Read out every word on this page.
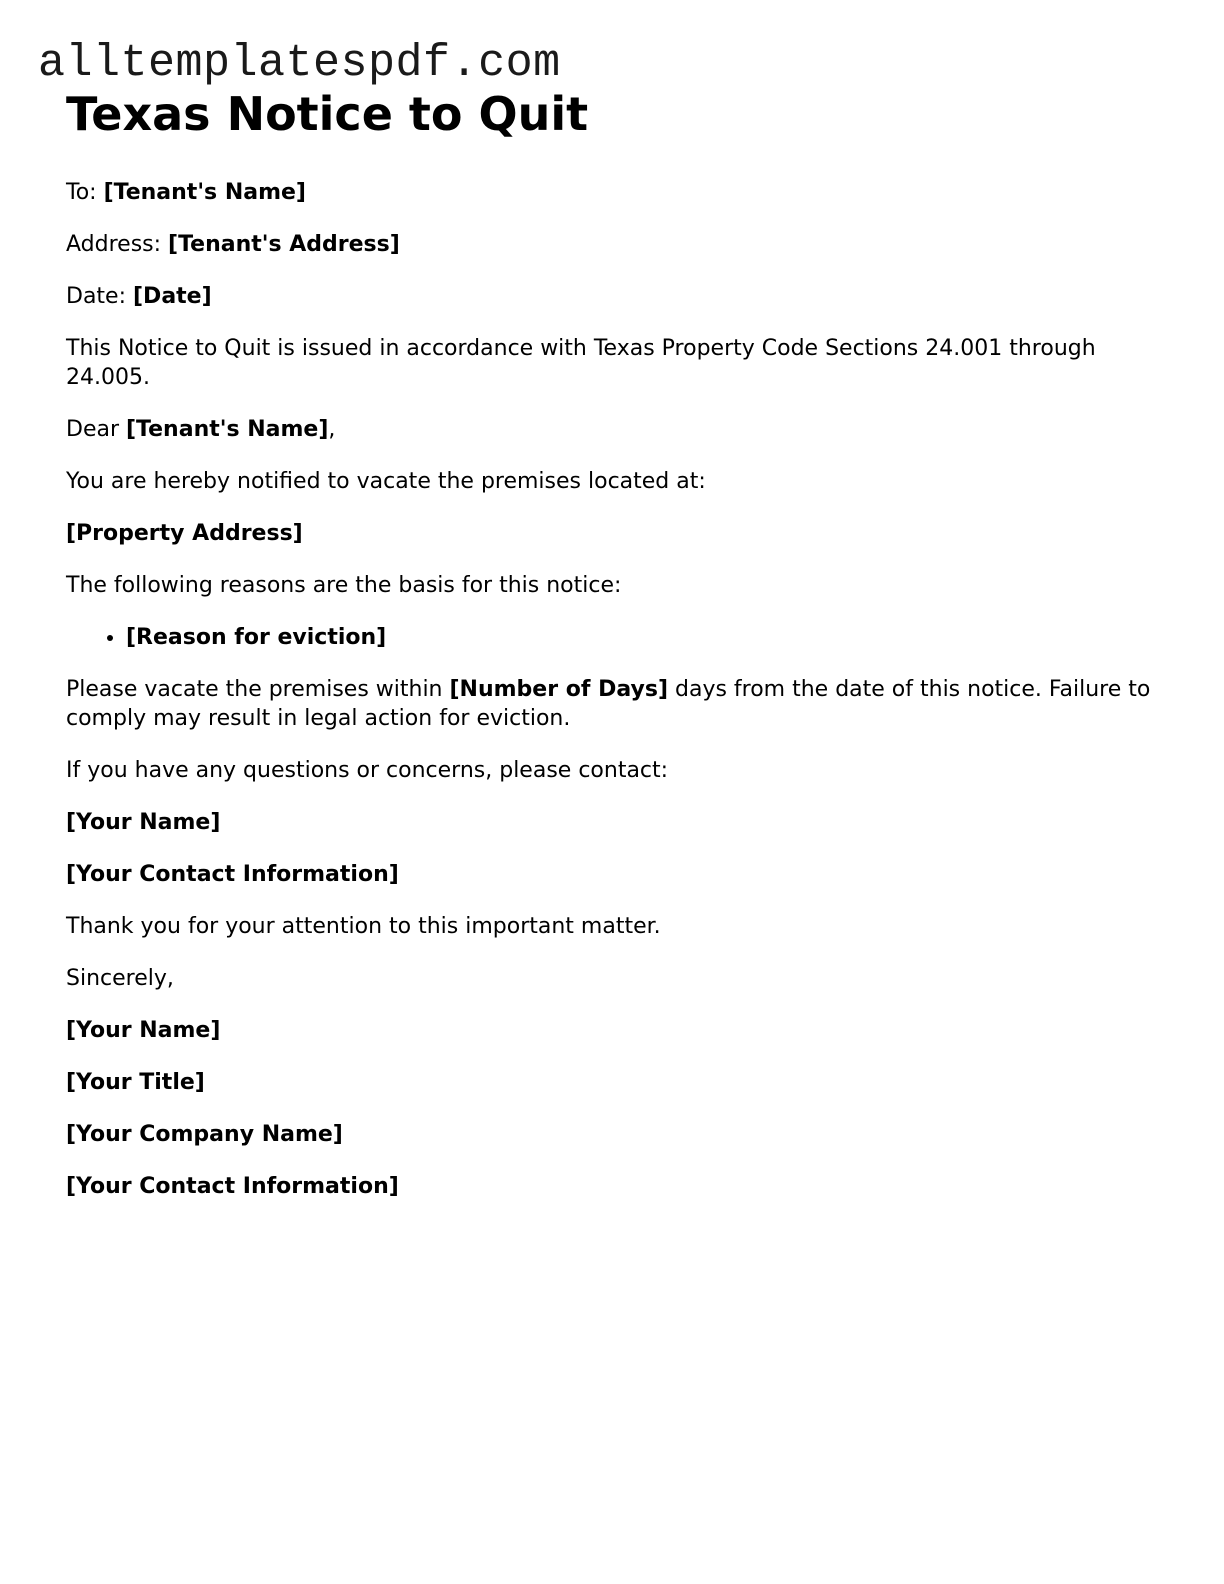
alltemplatespdf.com
Texas Notice to Quit

To: [Tenant's Name]

Address: [Tenant's Address]

Date: [Date]

This Notice to Quit is issued in accordance with Texas Property Code Sections 24.001 through 24.005.

Dear [Tenant's Name],

You are hereby notified to vacate the premises located at:

[Property Address]

The following reasons are the basis for this notice:

• [Reason for eviction]

Please vacate the premises within [Number of Days] days from the date of this notice. Failure to comply may result in legal action for eviction.

If you have any questions or concerns, please contact:

[Your Name]

[Your Contact Information]

Thank you for your attention to this important matter.

Sincerely,

[Your Name]

[Your Title]

[Your Company Name]

[Your Contact Information]
